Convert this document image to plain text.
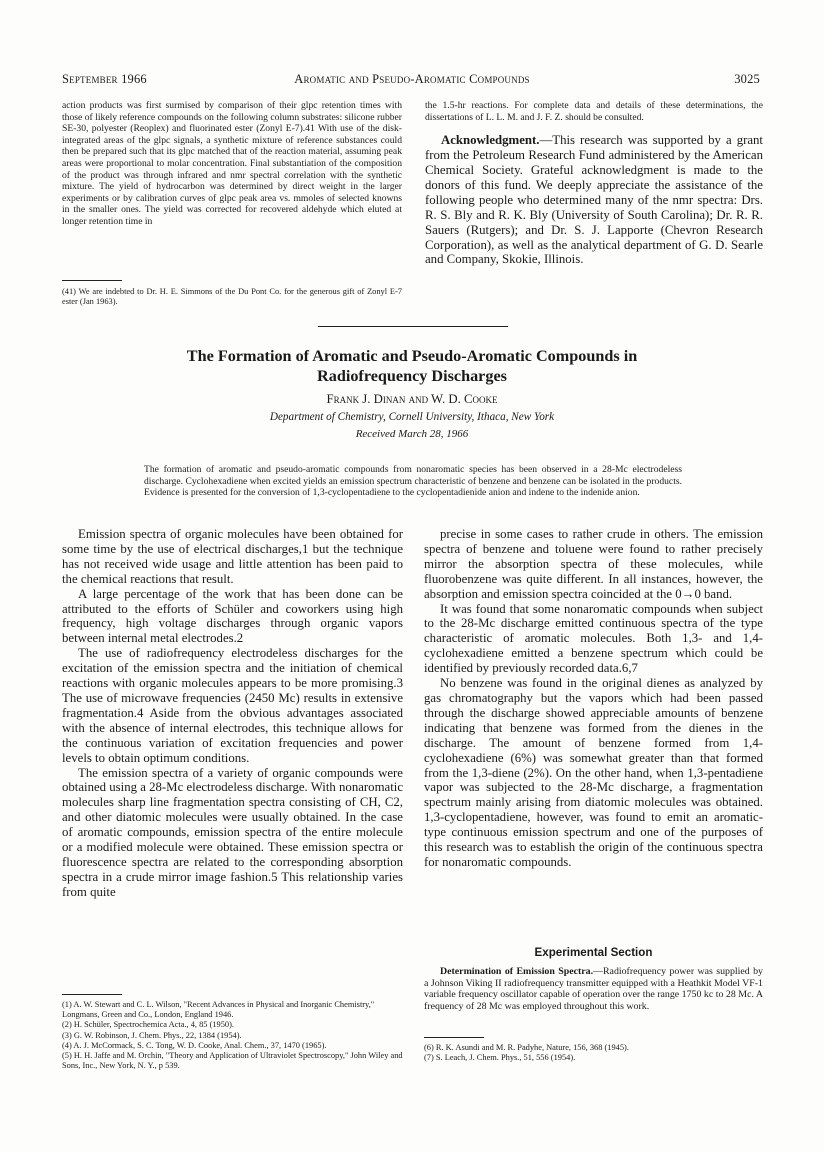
September 1966	Aromatic and Pseudo-Aromatic Compounds	3025

action products was first surmised by comparison of their glpc retention times with those of likely reference compounds on the following column substrates: silicone rubber SE-30, polyester (Reoplex) and fluorinated ester (Zonyl E-7).41 With use of the disk-integrated areas of the glpc signals, a synthetic mixture of reference substances could then be prepared such that its glpc matched that of the reaction material, assuming peak areas were proportional to molar concentration. Final substantiation of the composition of the product was through infrared and nmr spectral correlation with the synthetic mixture. The yield of hydrocarbon was determined by direct weight in the larger experiments or by calibration curves of glpc peak area vs. mmoles of selected knowns in the smaller ones. The yield was corrected for recovered aldehyde which eluted at longer retention time in

(41) We are indebted to Dr. H. E. Simmons of the Du Pont Co. for the generous gift of Zonyl E-7 ester (Jan 1963).

the 1.5-hr reactions. For complete data and details of these determinations, the dissertations of L. L. M. and J. F. Z. should be consulted.

Acknowledgment.—This research was supported by a grant from the Petroleum Research Fund administered by the American Chemical Society. Grateful acknowledgment is made to the donors of this fund. We deeply appreciate the assistance of the following people who determined many of the nmr spectra: Drs. R. S. Bly and R. K. Bly (University of South Carolina); Dr. R. R. Sauers (Rutgers); and Dr. S. J. Lapporte (Chevron Research Corporation), as well as the analytical department of G. D. Searle and Company, Skokie, Illinois.

The Formation of Aromatic and Pseudo-Aromatic Compounds in Radiofrequency Discharges
Frank J. Dinan and W. D. Cooke
Department of Chemistry, Cornell University, Ithaca, New York
Received March 28, 1966

The formation of aromatic and pseudo-aromatic compounds from nonaromatic species has been observed in a 28-Mc electrodeless discharge. Cyclohexadiene when excited yields an emission spectrum characteristic of benzene and benzene can be isolated in the products. Evidence is presented for the conversion of 1,3-cyclopentadiene to the cyclopentadienide anion and indene to the indenide anion.

Emission spectra of organic molecules have been obtained for some time by the use of electrical discharges,1 but the technique has not received wide usage and little attention has been paid to the chemical reactions that result.

A large percentage of the work that has been done can be attributed to the efforts of Schüler and coworkers using high frequency, high voltage discharges through organic vapors between internal metal electrodes.2

The use of radiofrequency electrodeless discharges for the excitation of the emission spectra and the initiation of chemical reactions with organic molecules appears to be more promising.3 The use of microwave frequencies (2450 Mc) results in extensive fragmentation.4 Aside from the obvious advantages associated with the absence of internal electrodes, this technique allows for the continuous variation of excitation frequencies and power levels to obtain optimum conditions.

The emission spectra of a variety of organic compounds were obtained using a 28-Mc electrodeless discharge. With nonaromatic molecules sharp line fragmentation spectra consisting of CH, C2, and other diatomic molecules were usually obtained. In the case of aromatic compounds, emission spectra of the entire molecule or a modified molecule were obtained. These emission spectra or fluorescence spectra are related to the corresponding absorption spectra in a crude mirror image fashion.5 This relationship varies from quite

(1) A. W. Stewart and C. L. Wilson, "Recent Advances in Physical and Inorganic Chemistry," Longmans, Green and Co., London, England 1946.
(2) H. Schüler, Spectrochemica Acta., 4, 85 (1950).
(3) G. W. Robinson, J. Chem. Phys., 22, 1384 (1954).
(4) A. J. McCormack, S. C. Tong, W. D. Cooke, Anal. Chem., 37, 1470 (1965).
(5) H. H. Jaffe and M. Orchin, "Theory and Application of Ultraviolet Spectroscopy," John Wiley and Sons, Inc., New York, N. Y., p 539.

precise in some cases to rather crude in others. The emission spectra of benzene and toluene were found to rather precisely mirror the absorption spectra of these molecules, while fluorobenzene was quite different. In all instances, however, the absorption and emission spectra coincided at the 0→0 band.

It was found that some nonaromatic compounds when subject to the 28-Mc discharge emitted continuous spectra of the type characteristic of aromatic molecules. Both 1,3- and 1,4-cyclohexadiene emitted a benzene spectrum which could be identified by previously recorded data.6,7

No benzene was found in the original dienes as analyzed by gas chromatography but the vapors which had been passed through the discharge showed appreciable amounts of benzene indicating that benzene was formed from the dienes in the discharge. The amount of benzene formed from 1,4-cyclohexadiene (6%) was somewhat greater than that formed from the 1,3-diene (2%). On the other hand, when 1,3-pentadiene vapor was subjected to the 28-Mc discharge, a fragmentation spectrum mainly arising from diatomic molecules was obtained. 1,3-cyclopentadiene, however, was found to emit an aromatic-type continuous emission spectrum and one of the purposes of this research was to establish the origin of the continuous spectra for nonaromatic compounds.

Experimental Section

Determination of Emission Spectra.—Radiofrequency power was supplied by a Johnson Viking II radiofrequency transmitter equipped with a Heathkit Model VF-1 variable frequency oscillator capable of operation over the range 1750 kc to 28 Mc. A frequency of 28 Mc was employed throughout this work.

(6) R. K. Asundi and M. R. Padyhe, Nature, 156, 368 (1945).
(7) S. Leach, J. Chem. Phys., 51, 556 (1954).
